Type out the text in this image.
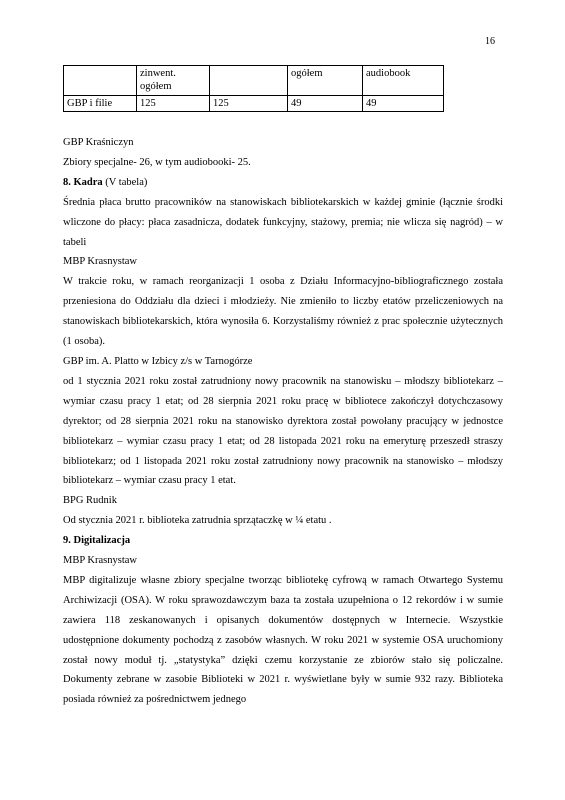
16
	zinwent. ogółem		ogółem	audiobook
GBP i filie	125	125	49	49

GBP Kraśniczyn

Zbiory specjalne- 26, w tym audiobooki- 25.

8. Kadra (V tabela)

Średnia płaca brutto pracowników na stanowiskach bibliotekarskich w każdej gminie (łącznie środki wliczone do płacy: płaca zasadnicza, dodatek funkcyjny, stażowy, premia; nie wlicza się nagród) – w tabeli

MBP Krasnystaw

W trakcie roku, w ramach reorganizacji 1 osoba z Działu Informacyjno-bibliograficznego została przeniesiona do Oddziału dla dzieci i młodzieży. Nie zmieniło to liczby etatów przeliczeniowych na stanowiskach bibliotekarskich, która wynosiła 6. Korzystaliśmy również z prac społecznie użytecznych (1 osoba).

GBP im. A. Platto w Izbicy z/s w Tarnogórze

od 1 stycznia 2021 roku został zatrudniony nowy pracownik na stanowisku – młodszy bibliotekarz – wymiar czasu pracy 1 etat; od 28 sierpnia 2021 roku pracę w bibliotece zakończył dotychczasowy dyrektor; od 28 sierpnia 2021 roku na stanowisko dyrektora został powołany pracujący w jednostce bibliotekarz – wymiar czasu pracy 1 etat; od 28 listopada 2021 roku na emeryturę przeszedł straszy bibliotekarz; od 1 listopada 2021 roku został zatrudniony nowy pracownik na stanowisko – młodszy bibliotekarz – wymiar czasu pracy 1 etat.

BPG Rudnik

Od stycznia 2021 r. biblioteka zatrudnia sprzątaczkę w ¼ etatu .

9. Digitalizacja

MBP Krasnystaw

MBP digitalizuje własne zbiory specjalne tworząc bibliotekę cyfrową w ramach Otwartego Systemu Archiwizacji (OSA). W roku sprawozdawczym baza ta została uzupełniona o 12 rekordów i w sumie zawiera 118 zeskanowanych i opisanych dokumentów dostępnych w Internecie. Wszystkie udostępnione dokumenty pochodzą z zasobów własnych. W roku 2021 w systemie OSA uruchomiony został nowy moduł tj. „statystyka” dzięki czemu korzystanie ze zbiorów stało się policzalne. Dokumenty zebrane w zasobie Biblioteki w 2021 r. wyświetlane były w sumie 932 razy. Biblioteka posiada również za pośrednictwem jednego
